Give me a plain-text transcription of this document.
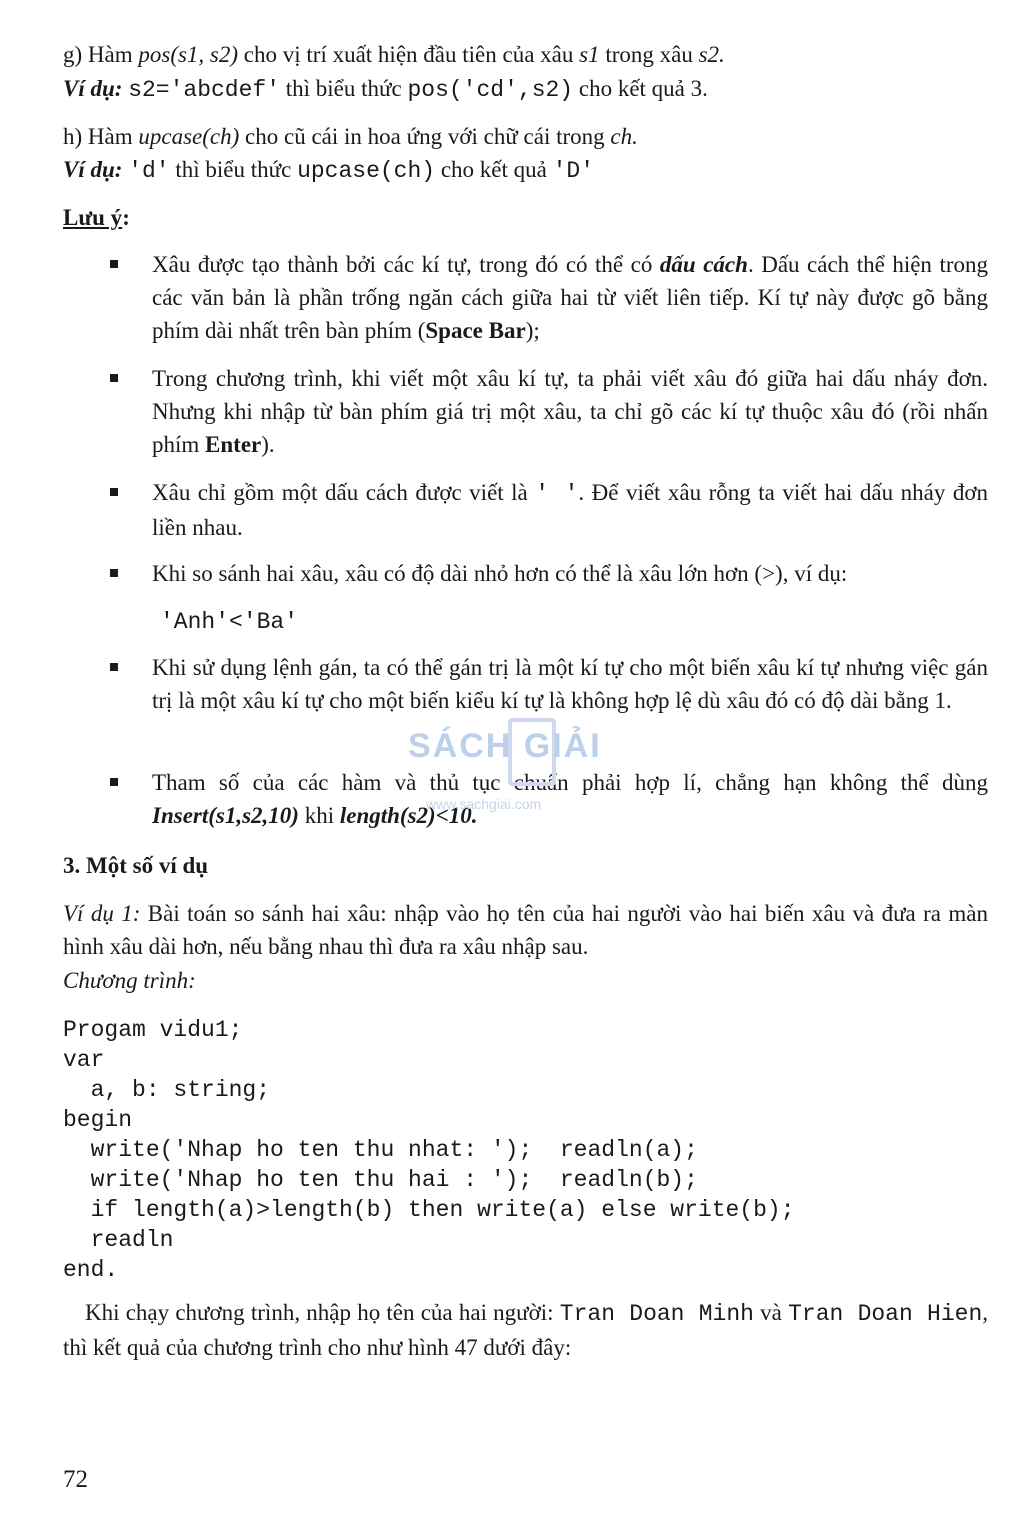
g) Hàm pos(s1, s2) cho vị trí xuất hiện đầu tiên của xâu s1 trong xâu s2.
Ví dụ: s2='abcdef' thì biểu thức pos('cd',s2) cho kết quả 3.
h) Hàm upcase(ch) cho cũ cái in hoa ứng với chữ cái trong ch.
Ví dụ: 'd' thì biểu thức upcase(ch) cho kết quả 'D'
Lưu ý:
Xâu được tạo thành bởi các kí tự, trong đó có thể có dấu cách. Dấu cách thể hiện trong các văn bản là phần trống ngăn cách giữa hai từ viết liên tiếp. Kí tự này được gõ bằng phím dài nhất trên bàn phím (Space Bar);
Trong chương trình, khi viết một xâu kí tự, ta phải viết xâu đó giữa hai dấu nháy đơn. Nhưng khi nhập từ bàn phím giá trị một xâu, ta chỉ gõ các kí tự thuộc xâu đó (rồi nhấn phím Enter).
Xâu chỉ gồm một dấu cách được viết là ' '. Để viết xâu rỗng ta viết hai dấu nháy đơn liền nhau.
Khi so sánh hai xâu, xâu có độ dài nhỏ hơn có thể là xâu lớn hơn (>), ví dụ:
'Anh'<'Ba'
Khi sử dụng lệnh gán, ta có thể gán trị là một kí tự cho một biến xâu kí tự nhưng việc gán trị là một xâu kí tự cho một biến kiểu kí tự là không hợp lệ dù xâu đó có độ dài bằng 1.
Tham số của các hàm và thủ tục chuẩn phải hợp lí, chẳng hạn không thể dùng Insert(s1,s2,10) khi length(s2)<10.
SÁCH GIẢI
www.sachgiai.com
3. Một số ví dụ
Ví dụ 1: Bài toán so sánh hai xâu: nhập vào họ tên của hai người vào hai biến xâu và đưa ra màn hình xâu dài hơn, nếu bằng nhau thì đưa ra xâu nhập sau.
Chương trình:
Progam vidu1;
var
a, b: string;
begin
write('Nhap ho ten thu nhat: ');  readln(a);
write('Nhap ho ten thu hai : ');  readln(b);
if length(a)>length(b) then write(a) else write(b);
readln
end.
Khi chạy chương trình, nhập họ tên của hai người: Tran Doan Minh và Tran Doan Hien, thì kết quả của chương trình cho như hình 47 dưới đây:
72
